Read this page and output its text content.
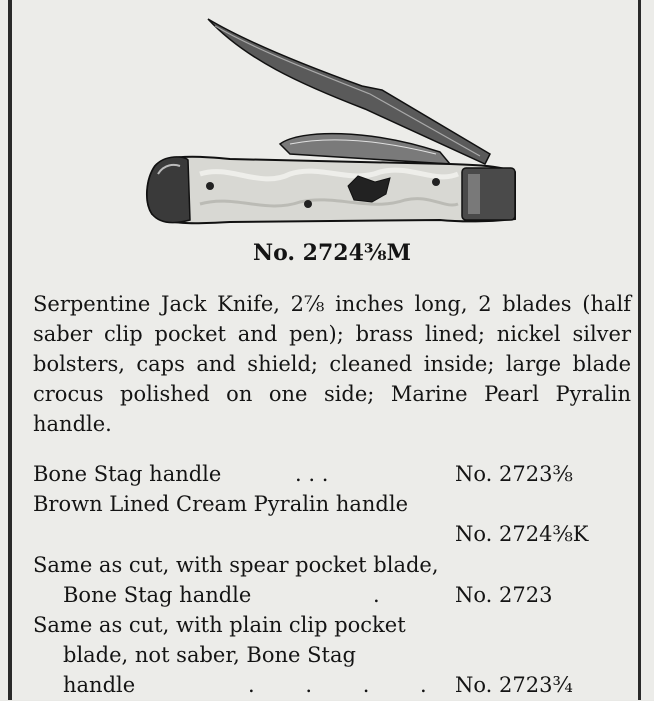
No. 2724⅜M
Serpentine Jack Knife, 2⅞ inches long, 2 blades (half saber clip pocket and pen); brass lined; nickel silver bolsters, caps and shield; cleaned inside; large blade crocus polished on one side; Marine Pearl Pyralin handle.
Bone Stag handle	. . .	No. 2723⅜
Brown Lined Cream Pyralin handle
No. 2724⅜K
Same as cut, with spear pocket blade,
Bone Stag handle	.	No. 2723
Same as cut, with plain clip pocket
blade, not saber, Bone Stag
handle	. . . . No. 2723¾
